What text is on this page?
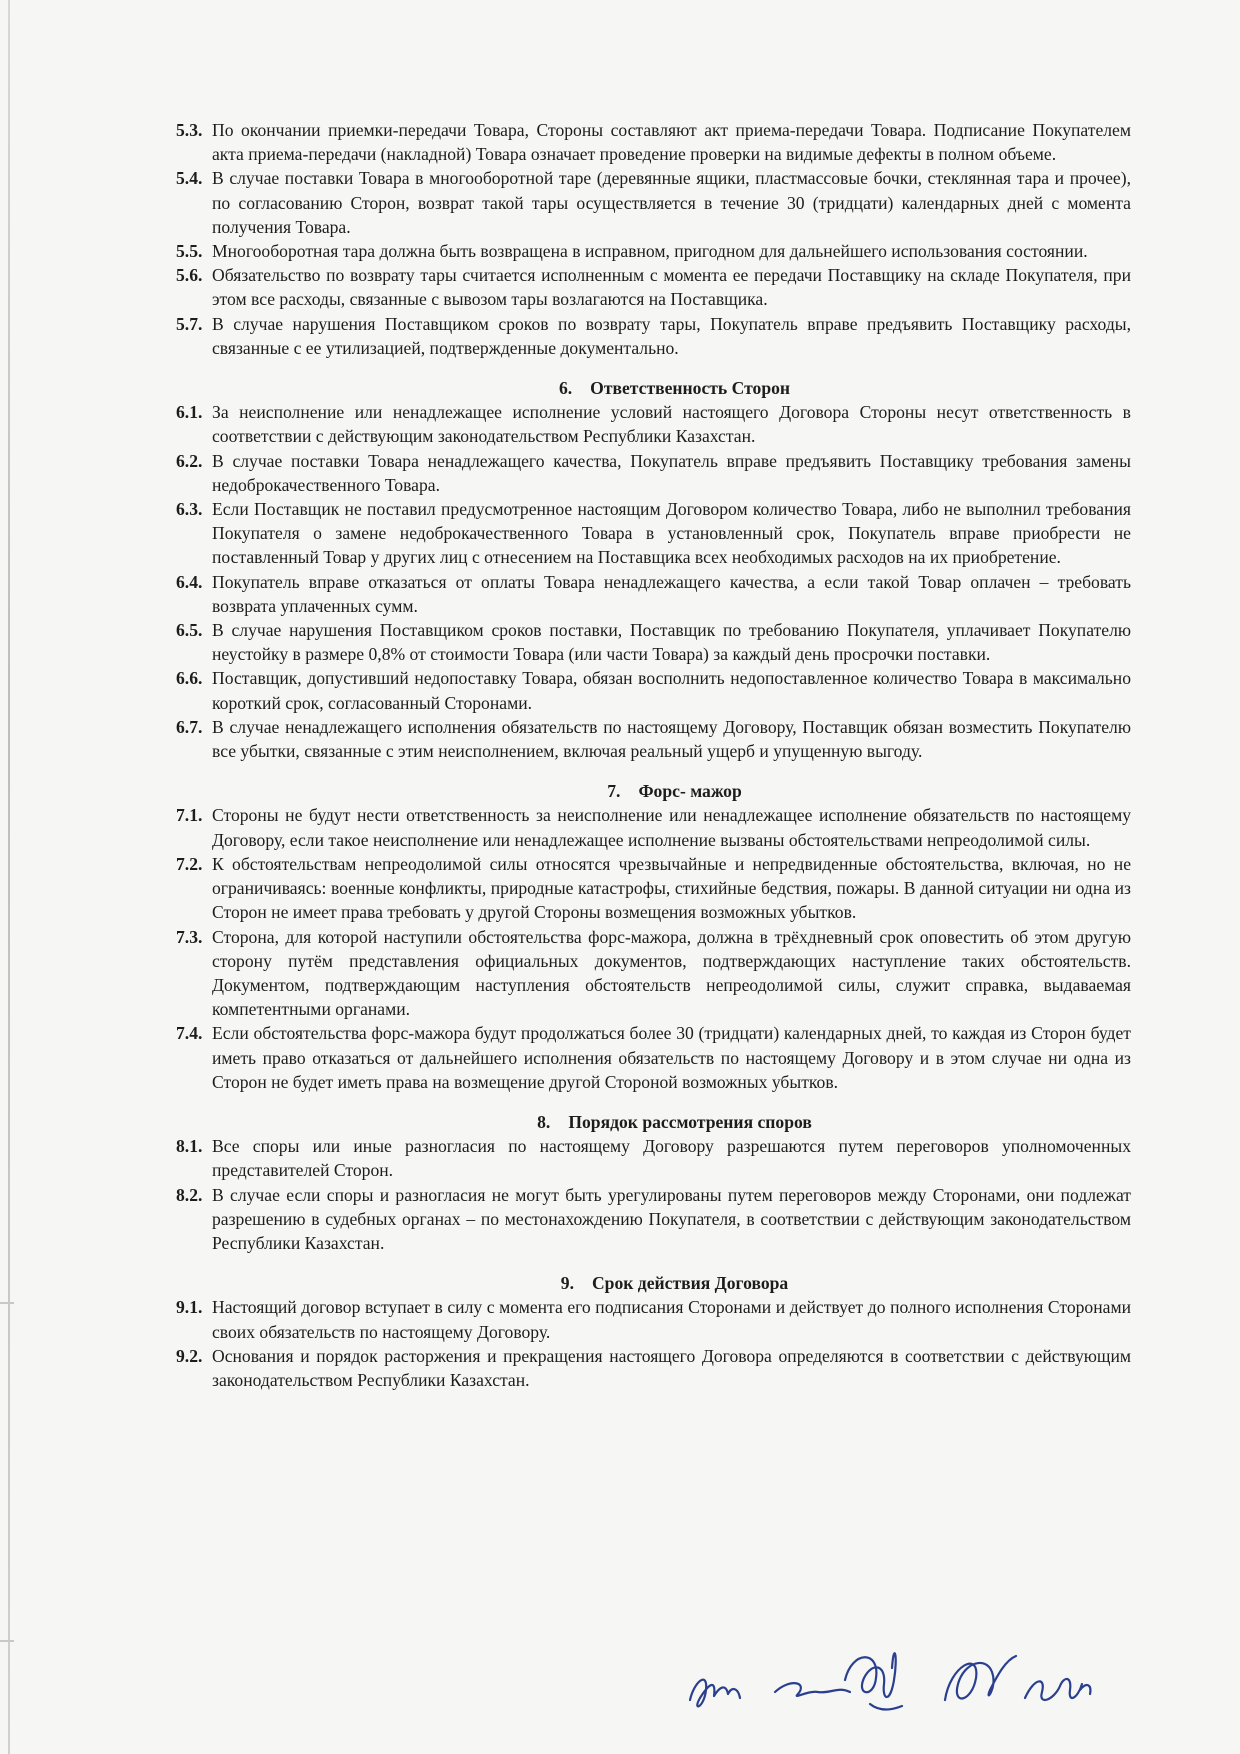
5.3. По окончании приемки-передачи Товара, Стороны составляют акт приема-передачи Товара. Подписание Покупателем акта приема-передачи (накладной) Товара означает проведение проверки на видимые дефекты в полном объеме.
5.4. В случае поставки Товара в многооборотной таре (деревянные ящики, пластмассовые бочки, стеклянная тара и прочее), по согласованию Сторон, возврат такой тары осуществляется в течение 30 (тридцати) календарных дней с момента получения Товара.
5.5. Многооборотная тара должна быть возвращена в исправном, пригодном для дальнейшего использования состоянии.
5.6. Обязательство по возврату тары считается исполненным с момента ее передачи Поставщику на складе Покупателя, при этом все расходы, связанные с вывозом тары возлагаются на Поставщика.
5.7. В случае нарушения Поставщиком сроков по возврату тары, Покупатель вправе предъявить Поставщику расходы, связанные с ее утилизацией, подтвержденные документально.
6. Ответственность Сторон
6.1. За неисполнение или ненадлежащее исполнение условий настоящего Договора Стороны несут ответственность в соответствии с действующим законодательством Республики Казахстан.
6.2. В случае поставки Товара ненадлежащего качества, Покупатель вправе предъявить Поставщику требования замены недоброкачественного Товара.
6.3. Если Поставщик не поставил предусмотренное настоящим Договором количество Товара, либо не выполнил требования Покупателя о замене недоброкачественного Товара в установленный срок, Покупатель вправе приобрести не поставленный Товар у других лиц с отнесением на Поставщика всех необходимых расходов на их приобретение.
6.4. Покупатель вправе отказаться от оплаты Товара ненадлежащего качества, а если такой Товар оплачен – требовать возврата уплаченных сумм.
6.5. В случае нарушения Поставщиком сроков поставки, Поставщик по требованию Покупателя, уплачивает Покупателю неустойку в размере 0,8% от стоимости Товара (или части Товара) за каждый день просрочки поставки.
6.6. Поставщик, допустивший недопоставку Товара, обязан восполнить недопоставленное количество Товара в максимально короткий срок, согласованный Сторонами.
6.7. В случае ненадлежащего исполнения обязательств по настоящему Договору, Поставщик обязан возместить Покупателю все убытки, связанные с этим неисполнением, включая реальный ущерб и упущенную выгоду.
7. Форс- мажор
7.1. Стороны не будут нести ответственность за неисполнение или ненадлежащее исполнение обязательств по настоящему Договору, если такое неисполнение или ненадлежащее исполнение вызваны обстоятельствами непреодолимой силы.
7.2. К обстоятельствам непреодолимой силы относятся чрезвычайные и непредвиденные обстоятельства, включая, но не ограничиваясь: военные конфликты, природные катастрофы, стихийные бедствия, пожары. В данной ситуации ни одна из Сторон не имеет права требовать у другой Стороны возмещения возможных убытков.
7.3. Сторона, для которой наступили обстоятельства форс-мажора, должна в трёхдневный срок оповестить об этом другую сторону путём представления официальных документов, подтверждающих наступление таких обстоятельств. Документом, подтверждающим наступления обстоятельств непреодолимой силы, служит справка, выдаваемая компетентными органами.
7.4. Если обстоятельства форс-мажора будут продолжаться более 30 (тридцати) календарных дней, то каждая из Сторон будет иметь право отказаться от дальнейшего исполнения обязательств по настоящему Договору и в этом случае ни одна из Сторон не будет иметь права на возмещение другой Стороной возможных убытков.
8. Порядок рассмотрения споров
8.1. Все споры или иные разногласия по настоящему Договору разрешаются путем переговоров уполномоченных представителей Сторон.
8.2. В случае если споры и разногласия не могут быть урегулированы путем переговоров между Сторонами, они подлежат разрешению в судебных органах – по местонахождению Покупателя, в соответствии с действующим законодательством Республики Казахстан.
9. Срок действия Договора
9.1. Настоящий договор вступает в силу с момента его подписания Сторонами и действует до полного исполнения Сторонами своих обязательств по настоящему Договору.
9.2. Основания и порядок расторжения и прекращения настоящего Договора определяются в соответствии с действующим законодательством Республики Казахстан.
